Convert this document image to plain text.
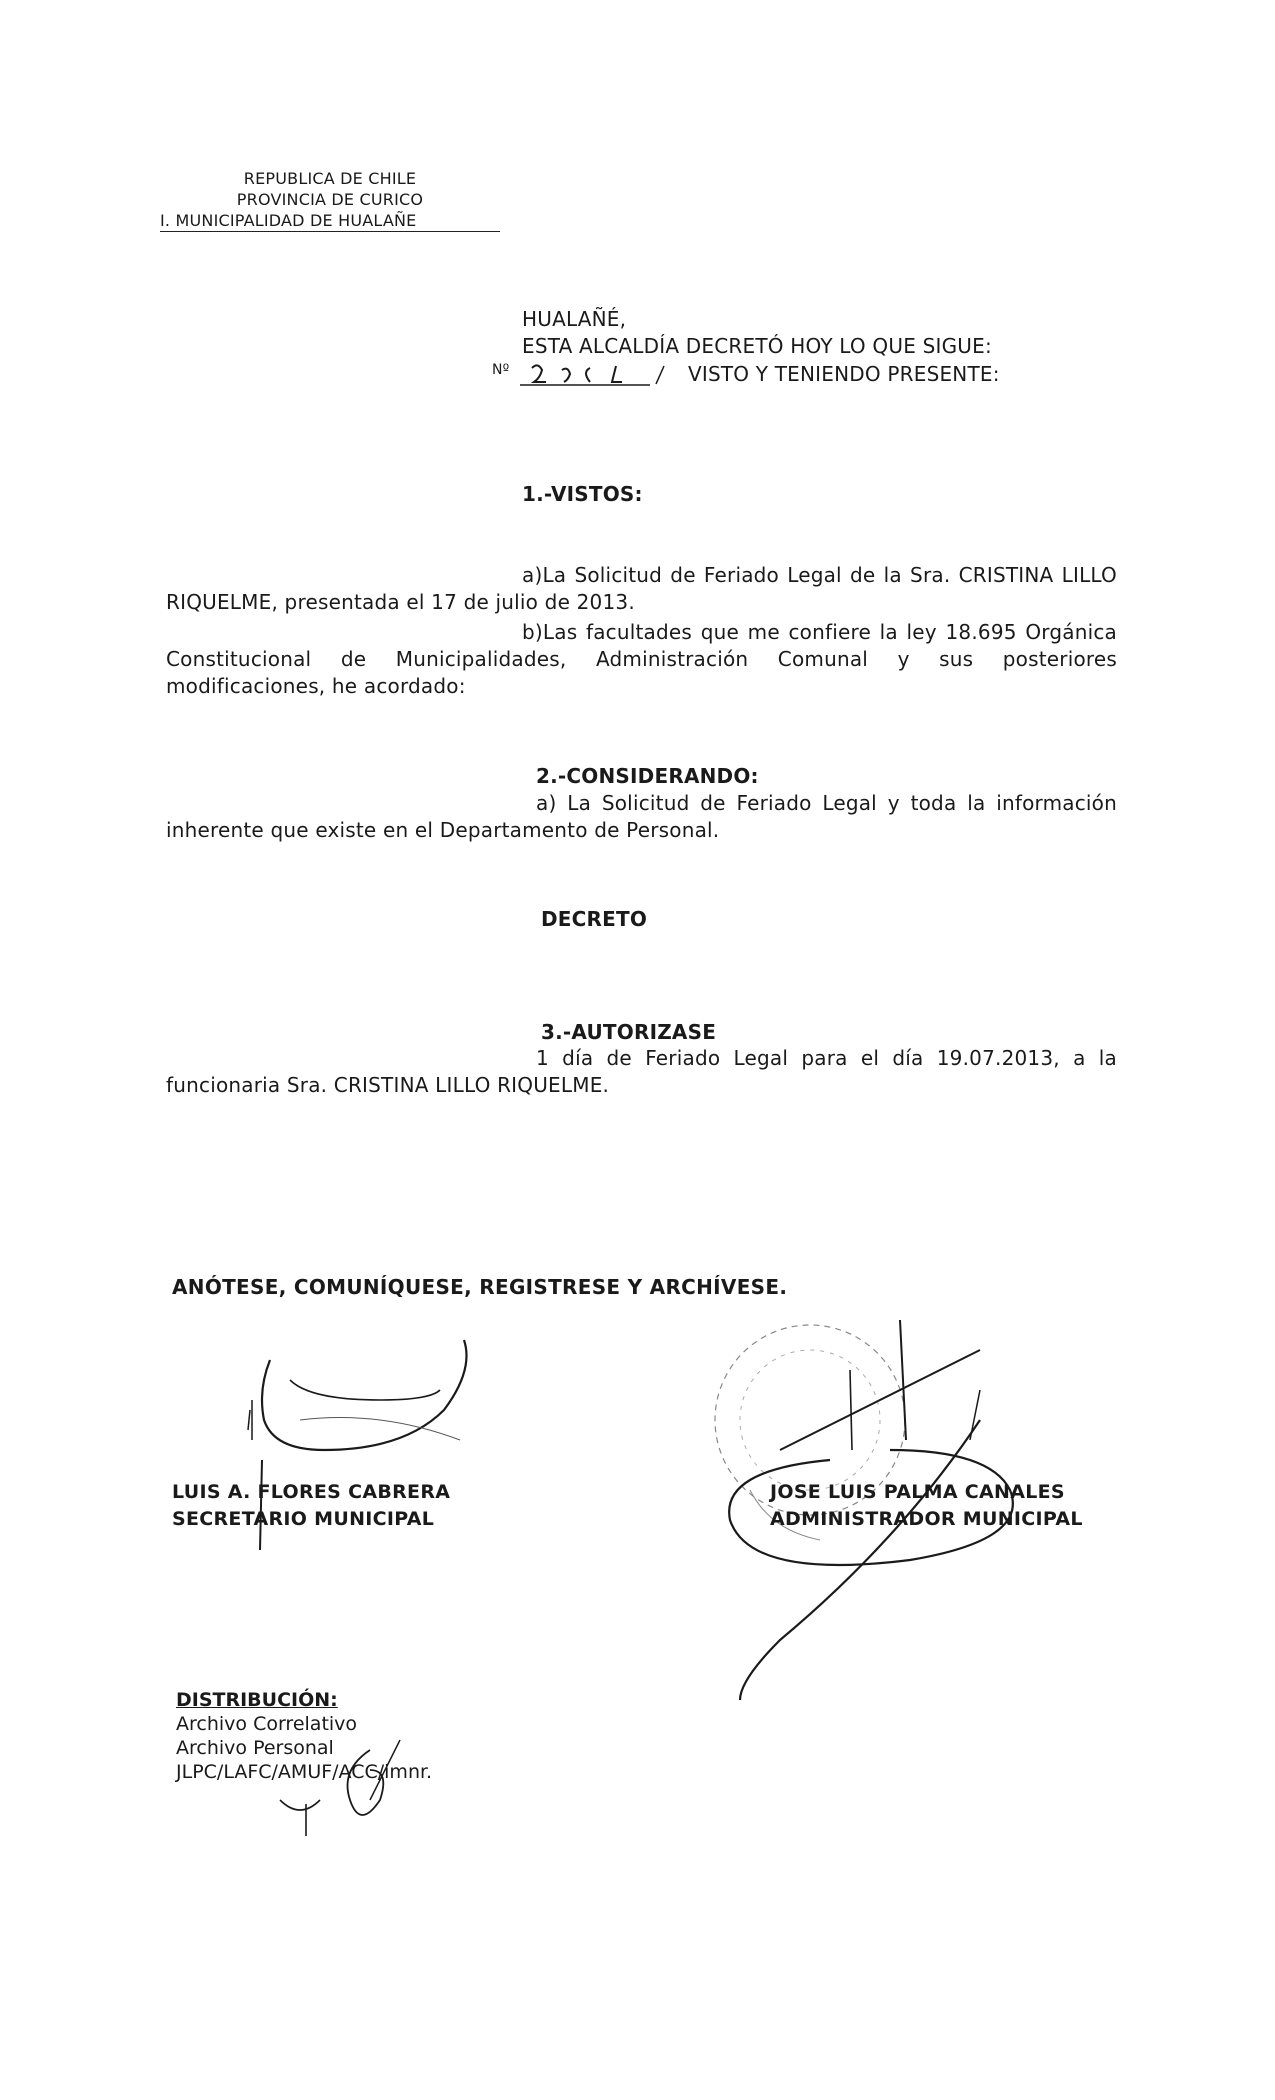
REPUBLICA DE CHILE
PROVINCIA DE CURICO
I. MUNICIPALIDAD DE HUALAÑE
HUALAÑÉ,
ESTA ALCALDÍA DECRETÓ HOY LO QUE SIGUE:
Nº	VISTO Y TENIENDO PRESENTE:
1.-VISTOS:
a)La Solicitud de Feriado Legal de la Sra. CRISTINA LILLO RIQUELME, presentada el 17 de julio de 2013.
b)Las facultades que me confiere la ley 18.695 Orgánica Constitucional de Municipalidades, Administración Comunal y sus posteriores modificaciones, he acordado:
2.-CONSIDERANDO:
a) La Solicitud de Feriado Legal y toda la información inherente que existe en el Departamento de Personal.
DECRETO
3.-AUTORIZASE
1 día de Feriado Legal para el día 19.07.2013, a la funcionaria Sra. CRISTINA LILLO RIQUELME.
ANÓTESE, COMUNÍQUESE, REGISTRESE Y ARCHÍVESE.
LUIS A. FLORES CABRERA
SECRETARIO MUNICIPAL
JOSE LUIS PALMA CANALES
ADMINISTRADOR MUNICIPAL
DISTRIBUCIÓN:
Archivo Correlativo
Archivo Personal
JLPC/LAFC/AMUF/ACC/imnr.
